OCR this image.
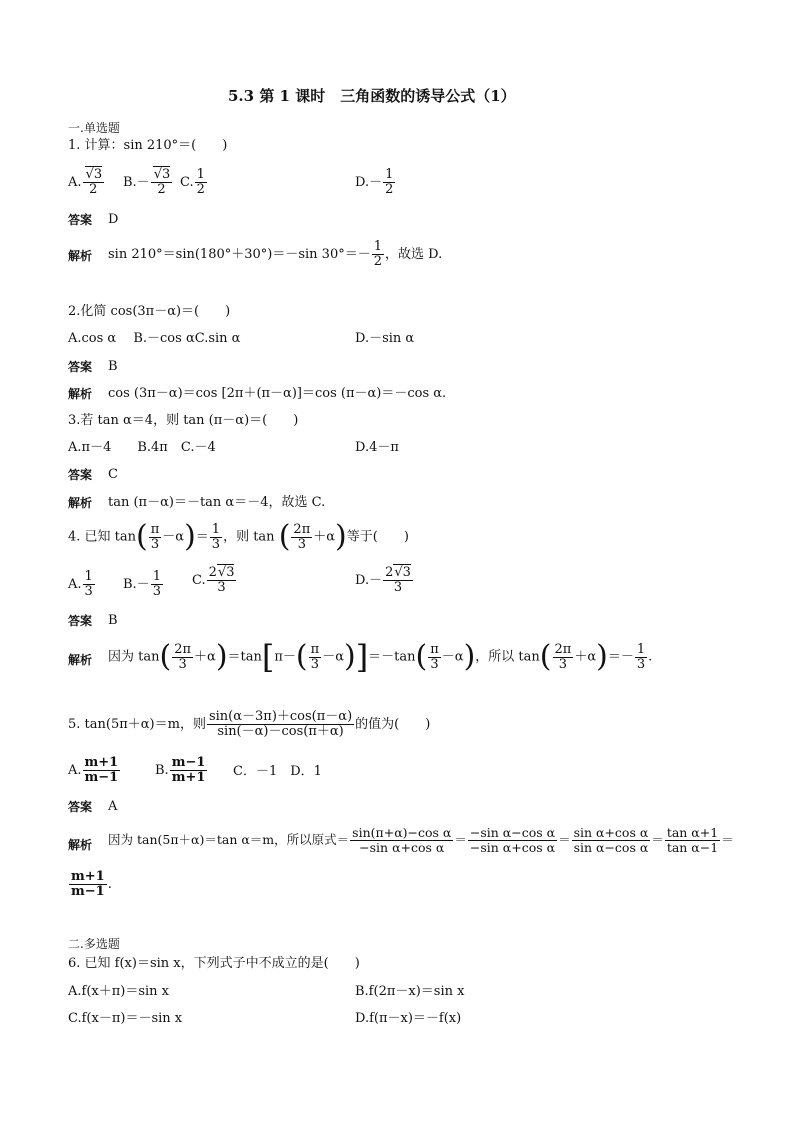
5.3 第 1 课时　三角函数的诱导公式（1）
一.单选题
1. 计算：sin 210°＝(　　)
A. $\frac{√3}{2} B.- \frac{√3}{2} C$. $\frac{1}{2}$	$D.- \frac{1}{2}$
答案 D
解析 sin 210°＝sin(180°＋30°)＝－sin $30^\circ=- \frac{1}{2}$ ，故选 D.
2.化简 cos(3π－α)＝(　　)
A.cos α　 B.－cos αC.sin α	D.－sin α
答案 B
解析 cos (3π－α)＝cos [2π＋(π－α)]＝cos (π－α)＝－cos α.
3.若 tan α＝4，则 tan (π－α)＝(　　)
A.π－4　　B.4π　C.－4	D.4－π
答案 C
解析 tan (π－α)＝－tan α＝－4，故选 C.
4. 已知 $\tan( \frac{\pi}{3} -\alpha)= \frac{1}{3}$ ，则 tan ( $\frac{2\pi}{3} +\alpha$)等于(　　)
A. $\frac{1}{3} B.- \frac{1}{3} C$. $\frac{2√3}{3}$	$D.- \frac{2√3}{3}$
答案 B
解析 因为 $\tan( \frac{2\pi}{3} +\alpha)=\tan[\pi-( \frac{\pi}{3} -\alpha)]=-\tan( \frac{\pi}{3} -\alpha)$，所以 $\tan( \frac{2\pi}{3} +\alpha)=- \frac{1}{3}$ .
5. tan(5π＋α)＝m，则 $\frac{\sin(\alpha-3\pi)+\cos(\pi-\alpha)}{\sin(-\alpha)-\cos(\pi+\alpha)}$ 的值为(　　)
A. $\frac{m+1}{m-1}$	B. $\frac{m-1}{m+1}$ C．－1　D．1
答案 A
解析 因为 tan(5π＋α)＝tan α＝m，所以原式＝ $\frac{\text{sin(π+α)−cos α}}{\text{−sin α+cos α}} = \frac{\text{−sin α−cos α}}{\text{−sin α+cos α}} = \frac{\text{sin α+cos α}}{\text{sin α−cos α}} = \frac{\text{tan α+1}}{\text{tan α−1}}$ ＝
$\frac{m+1}{m-1}$ .
二.多选题
6. 已知 f(x)＝sin x，下列式子中不成立的是(　　)
A.f(x＋π)＝sin x	B.f(2π－x)＝sin x
C.f(x－π)＝－sin x	D.f(π－x)＝－f(x)
